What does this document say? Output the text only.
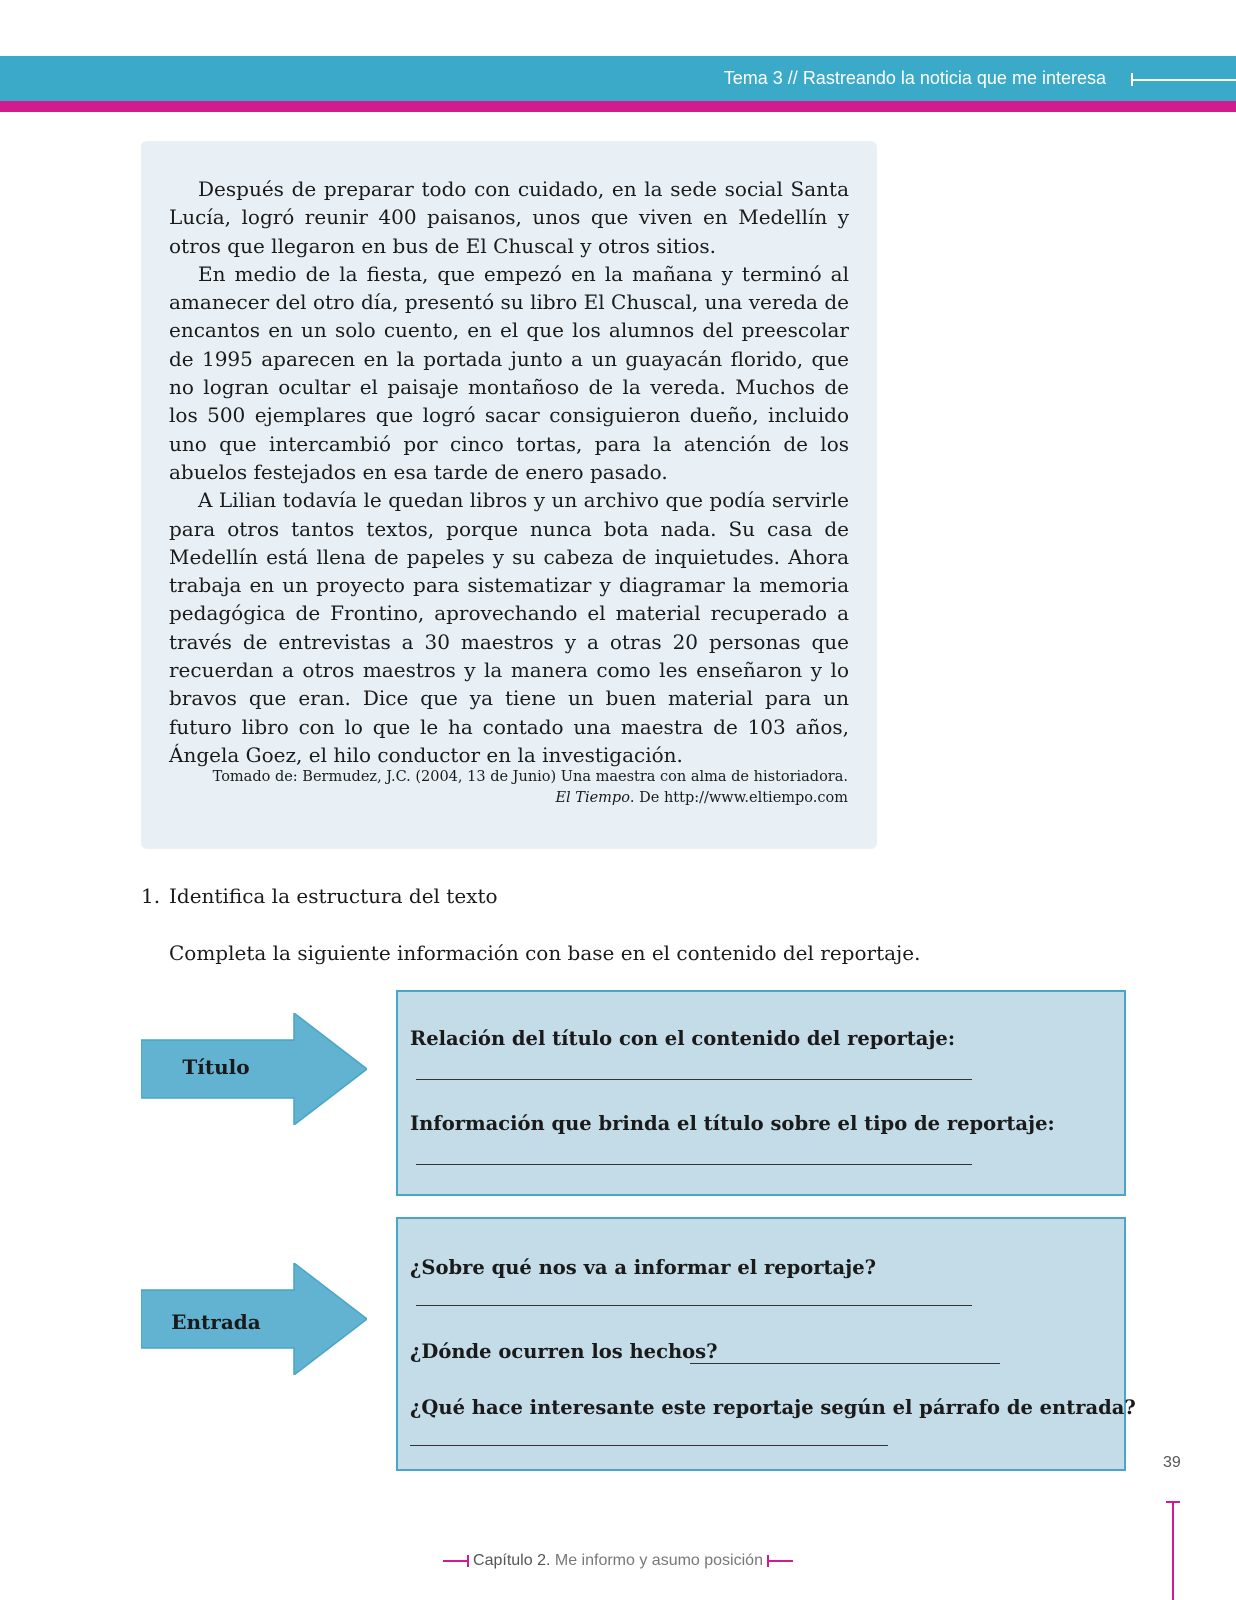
Tema 3 // Rastreando la noticia que me interesa

Después de preparar todo con cuidado, en la sede social Santa Lucía, logró reunir 400 paisanos, unos que viven en Medellín y otros que llegaron en bus de El Chuscal y otros sitios.

En medio de la fiesta, que empezó en la mañana y terminó al amanecer del otro día, presentó su libro El Chuscal, una vereda de encantos en un solo cuento, en el que los alumnos del preescolar de 1995 aparecen en la portada junto a un guayacán florido, que no logran ocultar el paisaje montañoso de la vereda. Muchos de los 500 ejemplares que logró sacar consiguieron dueño, incluido uno que intercambió por cinco tortas, para la atención de los abuelos festejados en esa tarde de enero pasado.

A Lilian todavía le quedan libros y un archivo que podía servirle para otros tantos textos, porque nunca bota nada. Su casa de Medellín está llena de papeles y su cabeza de inquietudes. Ahora trabaja en un proyecto para sistematizar y diagramar la memoria pedagógica de Frontino, aprovechando el material recuperado a través de entrevistas a 30 maestros y a otras 20 personas que recuerdan a otros maestros y la manera como les enseñaron y lo bravos que eran. Dice que ya tiene un buen material para un futuro libro con lo que le ha contado una maestra de 103 años, Ángela Goez, el hilo conductor en la investigación.

Tomado de: Bermudez, J.C. (2004, 13 de Junio) Una maestra con alma de historiadora.
El Tiempo. De http://www.eltiempo.com
1. Identifica la estructura del texto
Completa la siguiente información con base en el contenido del reportaje.
Título
Relación del título con el contenido del reportaje:
Información que brinda el título sobre el tipo de reportaje:
Entrada
¿Sobre qué nos va a informar el reportaje?
¿Dónde ocurren los hechos?
¿Qué hace interesante este reportaje según el párrafo de entrada?
39
Capítulo 2. Me informo y asumo posición
